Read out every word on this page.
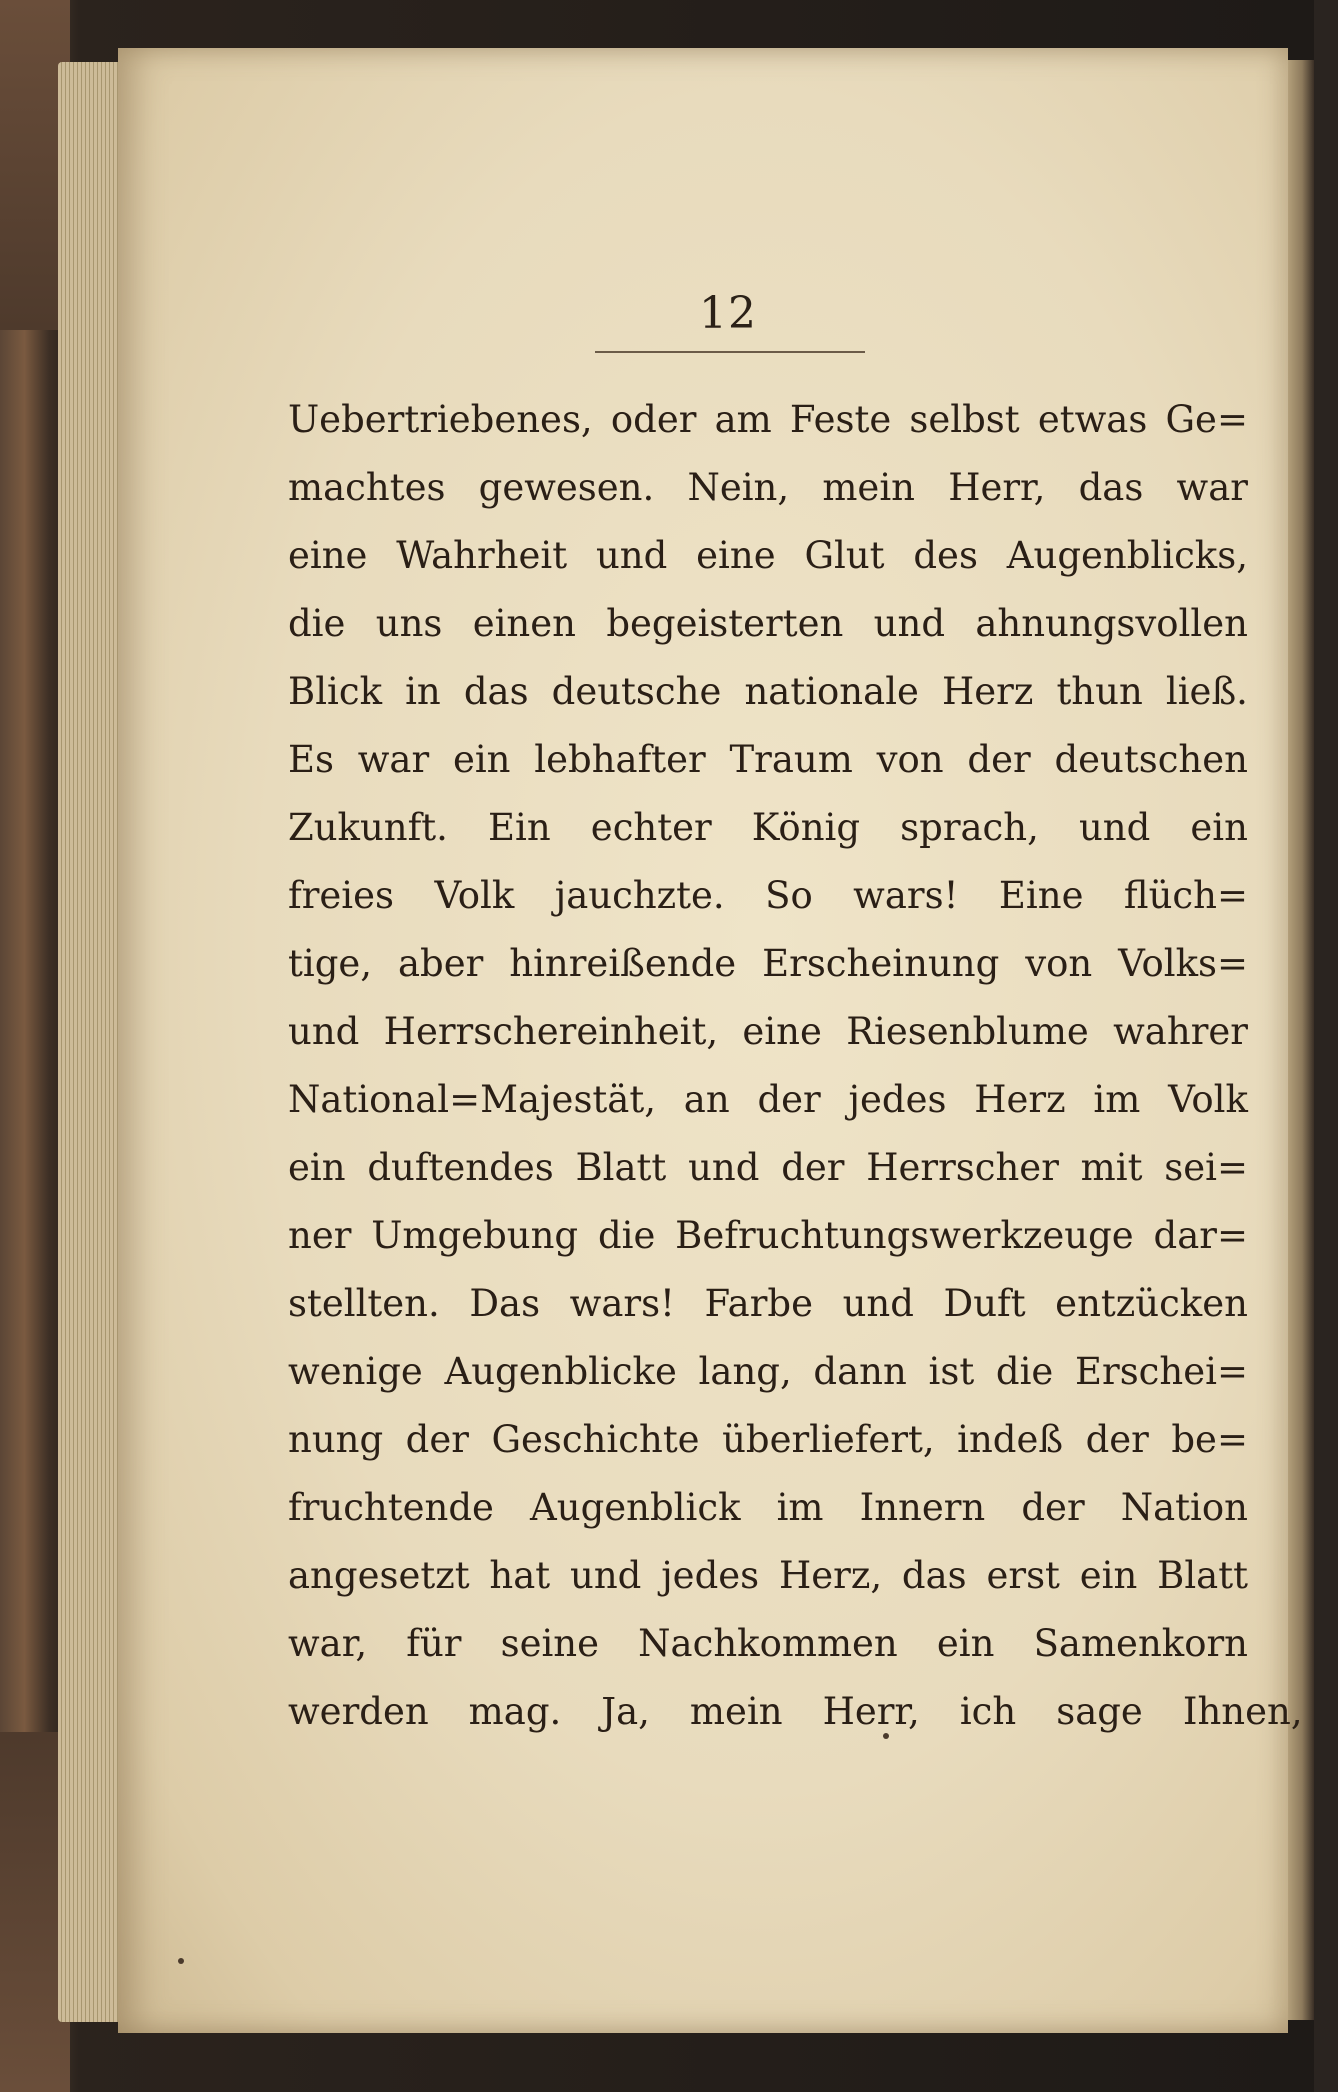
12
Uebertriebenes, oder am Feste selbst etwas Ge=
machtes gewesen. Nein, mein Herr, das war
eine Wahrheit und eine Glut des Augenblicks,
die uns einen begeisterten und ahnungsvollen
Blick in das deutsche nationale Herz thun ließ.
Es war ein lebhafter Traum von der deutschen
Zukunft. Ein echter König sprach, und ein
freies Volk jauchzte. So wars! Eine flüch=
tige, aber hinreißende Erscheinung von Volks=
und Herrschereinheit, eine Riesenblume wahrer
National=Majestät, an der jedes Herz im Volk
ein duftendes Blatt und der Herrscher mit sei=
ner Umgebung die Befruchtungswerkzeuge dar=
stellten. Das wars! Farbe und Duft entzücken
wenige Augenblicke lang, dann ist die Erschei=
nung der Geschichte überliefert, indeß der be=
fruchtende Augenblick im Innern der Nation
angesetzt hat und jedes Herz, das erst ein Blatt
war, für seine Nachkommen ein Samenkorn
werden mag. Ja, mein Herr, ich sage Ihnen,
